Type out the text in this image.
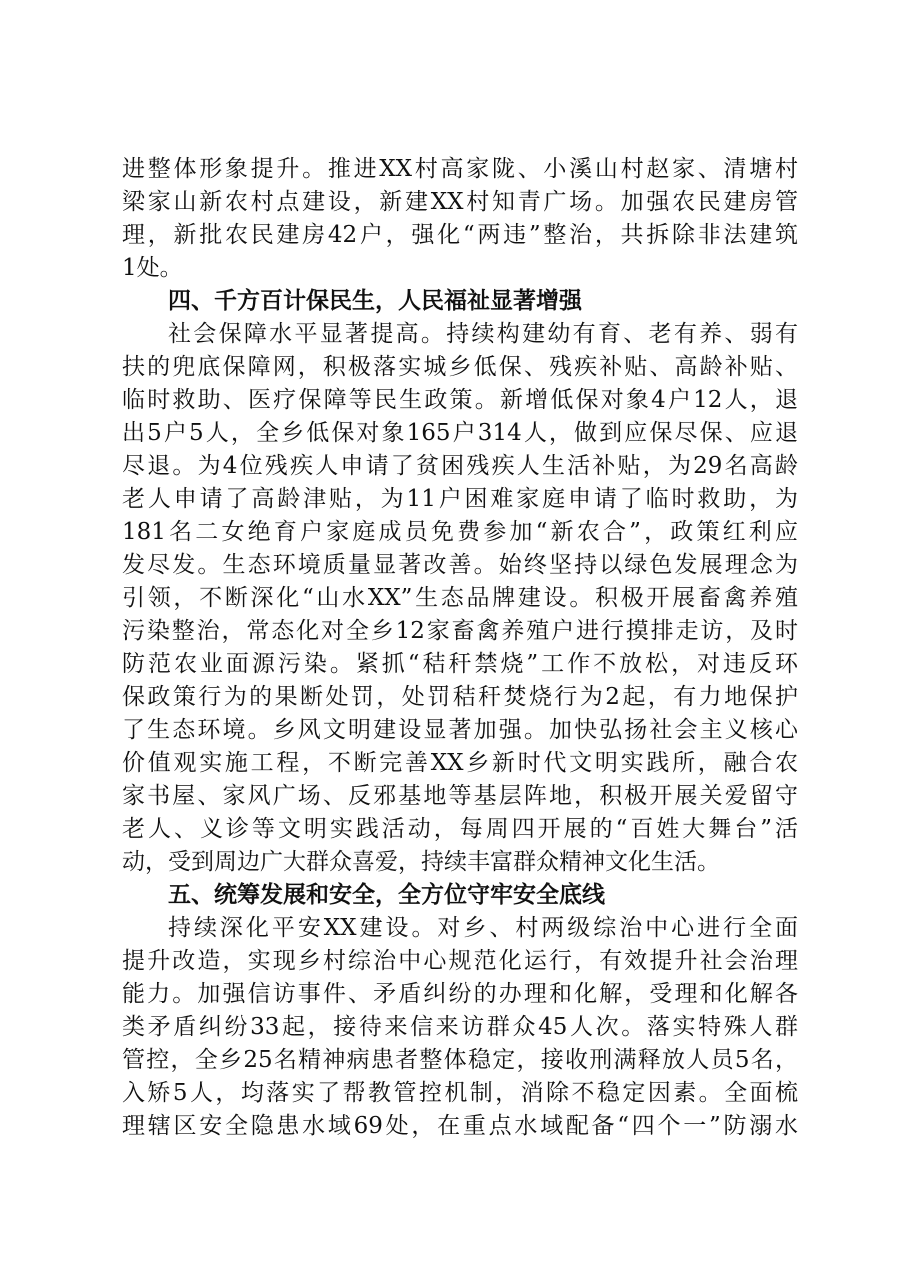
进整体形象提升。推进XX村高家陇、小溪山村赵家、清塘村
梁家山新农村点建设，新建XX村知青广场。加强农民建房管
理，新批农民建房42户，强化“两违”整治，共拆除非法建筑
1处。
四、千方百计保民生，人民福祉显著增强
社会保障水平显著提高。持续构建幼有育、老有养、弱有
扶的兜底保障网，积极落实城乡低保、残疾补贴、高龄补贴、
临时救助、医疗保障等民生政策。新增低保对象4户12人，退
出5户5人，全乡低保对象165户314人，做到应保尽保、应退
尽退。为4位残疾人申请了贫困残疾人生活补贴，为29名高龄
老人申请了高龄津贴，为11户困难家庭申请了临时救助，为
181名二女绝育户家庭成员免费参加“新农合”，政策红利应
发尽发。生态环境质量显著改善。始终坚持以绿色发展理念为
引领，不断深化“山水XX”生态品牌建设。积极开展畜禽养殖
污染整治，常态化对全乡12家畜禽养殖户进行摸排走访，及时
防范农业面源污染。紧抓“秸秆禁烧”工作不放松，对违反环
保政策行为的果断处罚，处罚秸秆焚烧行为2起，有力地保护
了生态环境。乡风文明建设显著加强。加快弘扬社会主义核心
价值观实施工程，不断完善XX乡新时代文明实践所，融合农
家书屋、家风广场、反邪基地等基层阵地，积极开展关爱留守
老人、义诊等文明实践活动，每周四开展的“百姓大舞台”活
动，受到周边广大群众喜爱，持续丰富群众精神文化生活。
五、统筹发展和安全，全方位守牢安全底线
持续深化平安XX建设。对乡、村两级综治中心进行全面
提升改造，实现乡村综治中心规范化运行，有效提升社会治理
能力。加强信访事件、矛盾纠纷的办理和化解，受理和化解各
类矛盾纠纷33起，接待来信来访群众45人次。落实特殊人群
管控，全乡25名精神病患者整体稳定，接收刑满释放人员5名，
入矫5人，均落实了帮教管控机制，消除不稳定因素。全面梳
理辖区安全隐患水域69处，在重点水域配备“四个一”防溺水
